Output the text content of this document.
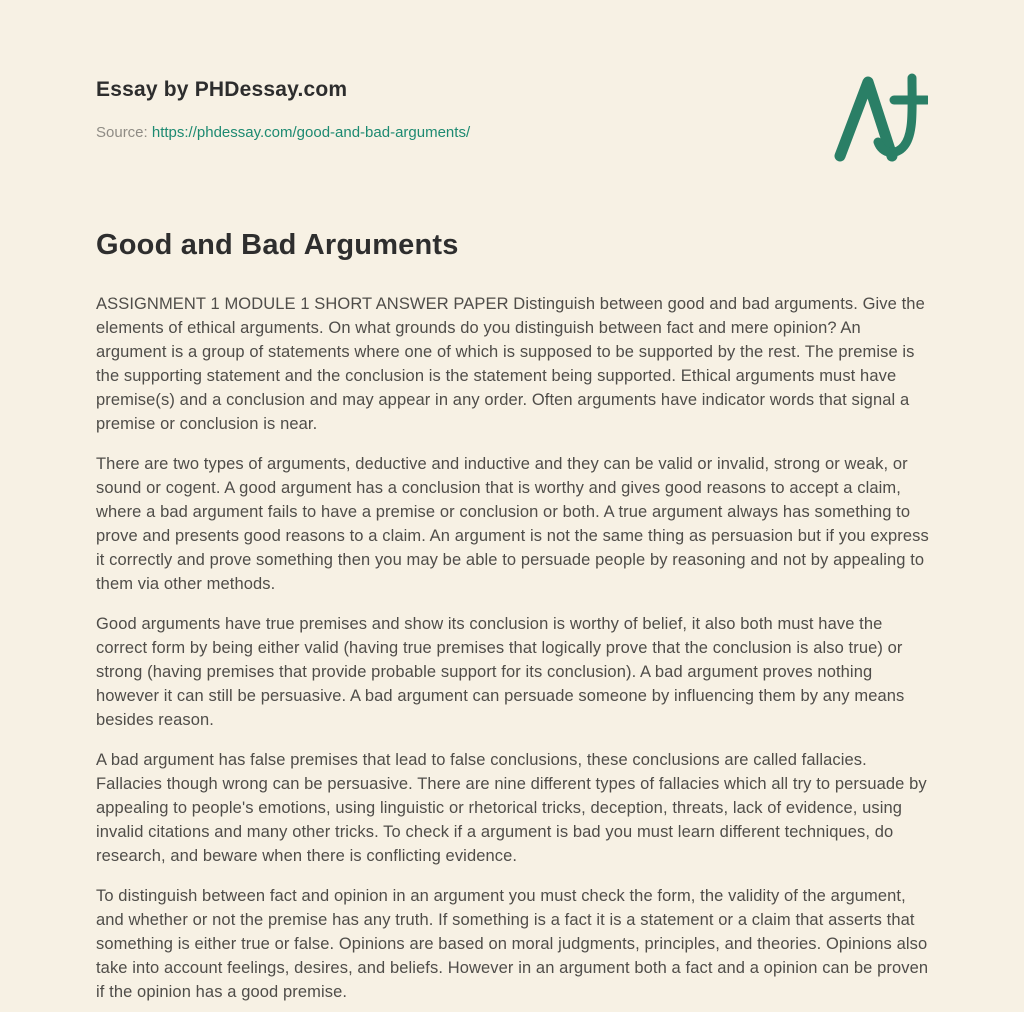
Essay by PHDessay.com
Source: https://phdessay.com/good-and-bad-arguments/
Good and Bad Arguments

ASSIGNMENT 1 MODULE 1 SHORT ANSWER PAPER Distinguish between good and bad arguments. Give the elements of ethical arguments. On what grounds do you distinguish between fact and mere opinion? An argument is a group of statements where one of which is supposed to be supported by the rest. The premise is the supporting statement and the conclusion is the statement being supported. Ethical arguments must have premise(s) and a conclusion and may appear in any order. Often arguments have indicator words that signal a premise or conclusion is near.

There are two types of arguments, deductive and inductive and they can be valid or invalid, strong or weak, or sound or cogent. A good argument has a conclusion that is worthy and gives good reasons to accept a claim, where a bad argument fails to have a premise or conclusion or both. A true argument always has something to prove and presents good reasons to a claim. An argument is not the same thing as persuasion but if you express it correctly and prove something then you may be able to persuade people by reasoning and not by appealing to them via other methods.

Good arguments have true premises and show its conclusion is worthy of belief, it also both must have the correct form by being either valid (having true premises that logically prove that the conclusion is also true) or strong (having premises that provide probable support for its conclusion). A bad argument proves nothing however it can still be persuasive. A bad argument can persuade someone by influencing them by any means besides reason.

A bad argument has false premises that lead to false conclusions, these conclusions are called fallacies. Fallacies though wrong can be persuasive. There are nine different types of fallacies which all try to persuade by appealing to people's emotions, using linguistic or rhetorical tricks, deception, threats, lack of evidence, using invalid citations and many other tricks. To check if a argument is bad you must learn different techniques, do research, and beware when there is conflicting evidence.

To distinguish between fact and opinion in an argument you must check the form, the validity of the argument, and whether or not the premise has any truth. If something is a fact it is a statement or a claim that asserts that something is either true or false. Opinions are based on moral judgments, principles, and theories. Opinions also take into account feelings, desires, and beliefs. However in an argument both a fact and a opinion can be proven if the opinion has a good premise.
